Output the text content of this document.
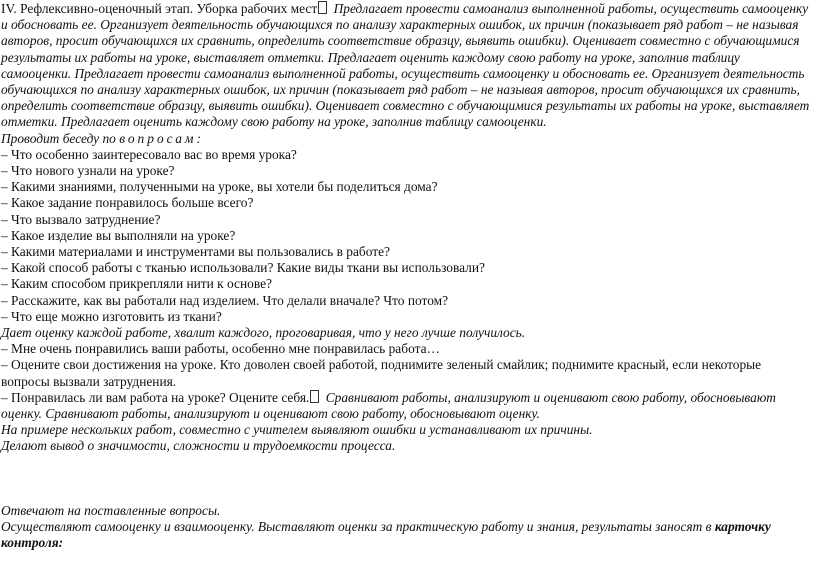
IV. Рефлексивно-оценочный этап. Уборка рабочих мест Предлагает провести самоанализ выполненной работы, осуществить самооценку и обосновать ее. Организует деятельность обучающихся по анализу характерных ошибок, их причин (показывает ряд работ – не называя авторов, просит обучающихся их сравнить, определить соответствие образцу, выявить ошибки). Оценивает совместно с обучающимися результаты их работы на уроке, выставляет отметки. Предлагает оценить каждому свою работу на уроке, заполнив таблицу самооценки. Предлагает провести самоанализ выполненной работы, осуществить самооценку и обосновать ее. Организует деятельность обучающихся по анализу характерных ошибок, их причин (показывает ряд работ – не называя авторов, просит обучающихся их сравнить, определить соответствие образцу, выявить ошибки). Оценивает совместно с обучающимися результаты их работы на уроке, выставляет отметки. Предлагает оценить каждому свою работу на уроке, заполнив таблицу самооценки.

Проводит беседу по вопросам:

– Что особенно заинтересовало вас во время урока?

– Что нового узнали на уроке?

– Какими знаниями, полученными на уроке, вы хотели бы поделиться дома?

– Какое задание понравилось больше всего?

– Что вызвало затруднение?

– Какое изделие вы выполняли на уроке?

– Какими материалами и инструментами вы пользовались в работе?

– Какой способ работы с тканью использовали? Какие виды ткани вы использовали?

– Каким способом прикрепляли нити к основе?

– Расскажите, как вы работали над изделием. Что делали вначале? Что потом?

– Что еще можно изготовить из ткани?

Дает оценку каждой работе, хвалит каждого, проговаривая, что у него лучше получилось.

– Мне очень понравились ваши работы, особенно мне понравилась работа…

– Оцените свои достижения на уроке. Кто доволен своей работой, поднимите зеленый смайлик; поднимите красный, если некоторые вопросы вызвали затруднения.

– Понравилась ли вам работа на уроке? Оцените себя. Сравнивают работы, анализируют и оценивают свою работу, обосновывают оценку. Сравнивают работы, анализируют и оценивают свою работу, обосновывают оценку.

На примере нескольких работ, совместно с учителем выявляют ошибки и устанавливают их причины.

Делают вывод о значимости, сложности и трудоемкости процесса.

Отвечают на поставленные вопросы.

Осуществляют самооценку и взаимооценку. Выставляют оценки за практическую работу и знания, результаты заносят в карточку контроля:
